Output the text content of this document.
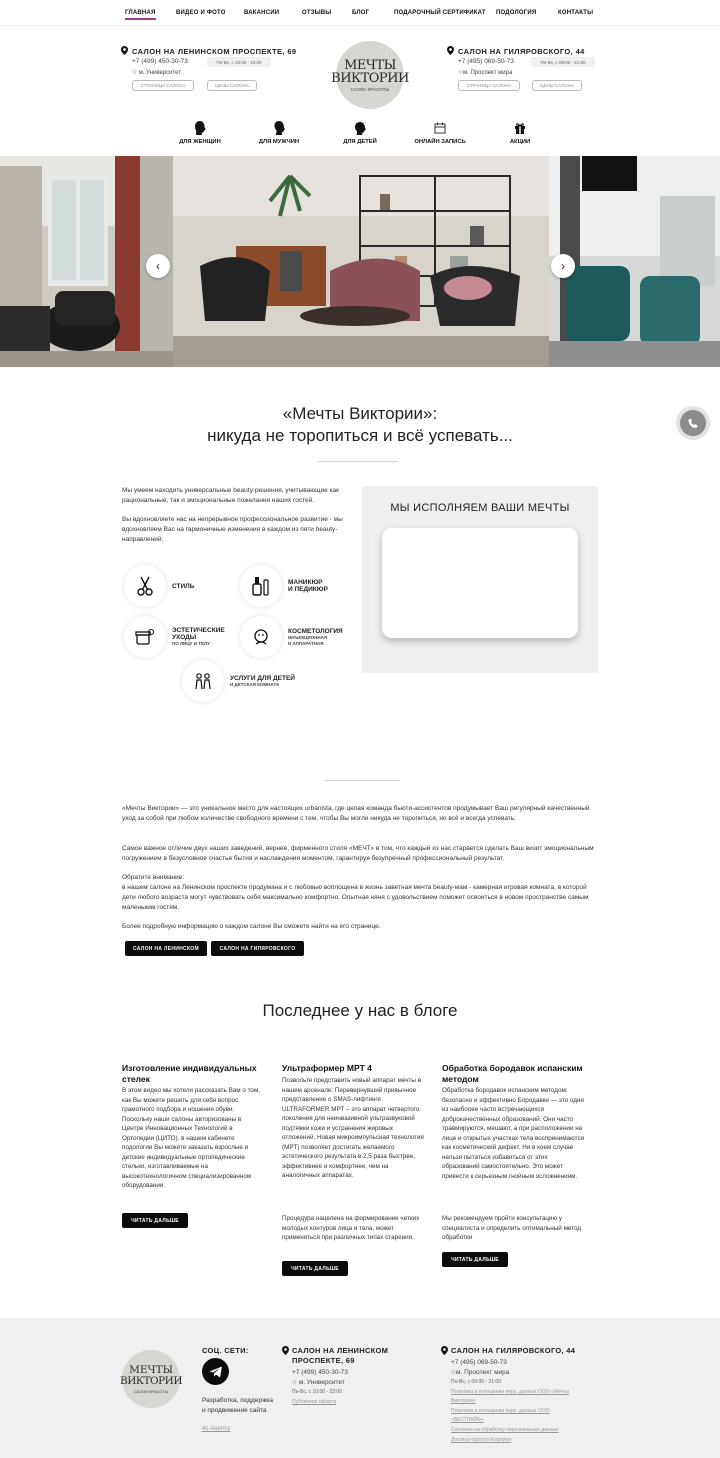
ГЛАВНАЯ	ВИДЕО И ФОТО	ВАКАНСИИ	ОТЗЫВЫ	БЛОГ	ПОДАРОЧНЫЙ СЕРТИФИКАТ ПОДОЛОГИЯ	КОНТАКТЫ
САЛОН НА ЛЕНИНСКОМ ПРОСПЕКТЕ, 69
+7 (499) 450-30-73	Пн-Вс, с 10:00 - 22:00
Ⓜ м. Университет
СТРАНИЦА САЛОНА	ЦЕНЫ САЛОНА
МЕЧТЫ
ВИКТОРИИ
САЛОН КРАСОТЫ
САЛОН НА ГИЛЯРОВСКОГО, 44
+7 (495) 069-50-73	Пн-Вс, с 09:00 - 21:00
Ⓜм. Проспект мира
СТРАНИЦА САЛОНА	ЦЕНЫ САЛОНА
ДЛЯ ЖЕНЩИН	ДЛЯ МУЖЧИН	ДЛЯ ДЕТЕЙ	ОНЛАЙН ЗАПИСЬ	АКЦИИ
‹	›
«Мечты Виктории»:
никуда не торопиться и всё успевать...
Мы умеем находить универсальные beauty-решения, учитывающие как рациональные, так и эмоциональные пожелания наших гостей.
Вы вдохновляете нас на непрерывное профессиональное развитие - мы вдохновляем Вас на гармоничные изменения в каждом из пяти beauty-направлений:
СТИЛЬ	МАНИКЮР
И ПЕДИКЮР
ЭСТЕТИЧЕСКИЕ
УХОДЫ
ПО ЛИЦУ И ТЕЛУ
КОСМЕТОЛОГИЯ
ИНЪЕКЦИОННАЯ
И АППАРАТНАЯ
УСЛУГИ ДЛЯ ДЕТЕЙ
И ДЕТСКАЯ КОМНАТА
МЫ ИСПОЛНЯЕМ ВАШИ МЕЧТЫ
«Мечты Виктории» — это уникальное место для настоящих urbanista, где целая команда бьюти-ассистентов продумывает Ваш регулярный качественный уход за собой при любом количестве свободного времени с тем, чтобы Вы могли никуда не торопиться, но всё и всегда успевать.
Самое важное отличие двух наших заведений, вернее, фирменного стиля «МЕЧТ» в том, что каждый из нас старается сделать Ваш визит эмоциональным погружением в безусловное счастье бытия и наслаждения моментом, гарантируя безупречный профессиональный результат.
Обратите внимание:
в нашем салоне на Ленинском проспекте продумана и с любовью воплощена в жизнь заветная мечта beauty-мам - камерная игровая комната, в которой дети любого возраста могут чувствовать себя максимально комфортно. Опытная няня с удовольствием поможет освоиться в новом пространстве самым маленьким гостям.
Более подробную информацию о каждом салоне Вы сможете найти на его странице.
САЛОН НА ЛЕНИНСКОМ	САЛОН НА ГИЛЯРОВСКОГО
Последнее у нас в блоге
Изготовление индивидуальных стелек
В этом видео мы хотели рассказать Вам о том, как Вы можете решить для себя вопрос грамотного подбора и ношения обуви. Поскольку наши салоны авторизованы в Центре Инновационных Технологий в Ортопедии (ЦИТО), в нашем кабинете подологии Вы можете заказать взрослые и детские индивидуальные ортопедические стельки, изготавливаемые на высокотехнологичном специализированном оборудовании.
ЧИТАТЬ ДАЛЬШЕ
Ультраформер MPT 4
Позвольте представить новый аппарат мечты в нашем арсенале: Перевернувший привычное представление о SMAS-лифтинге ULTRAFORMER MPT – это аппарат четвертого поколения для неинвазивной ультразвуковой подтяжки кожи и устранения жировых отложений. Новая микроимпульсная технология (MPT) позволяет достигать желаемого эстетического результата в 2,5 раза быстрее, эффективнее и комфортнее, чем на аналогичных аппаратах.
Процедура нацелена на формирование четких молодых контуров лица и тела, может применяться при различных типах старения.
ЧИТАТЬ ДАЛЬШЕ
Обработка бородавок испанским методом
Обработка бородавок испанским методом: безопасно и эффективно Бородавки — это одни из наиболее часто встречающихся доброкачественных образований. Они часто травмируются, мешают, а при расположении на лице и открытых участках тела воспринимаются как косметический дефект. Ни в коем случае нельзя пытаться избавиться от этих образований самостоятельно. Это может привести к серьезным гнойным осложнениям.
Мы рекомендуем пройти консультацию у специалиста и определить оптимальный метод обработки
ЧИТАТЬ ДАЛЬШЕ
МЕЧТЫ
ВИКТОРИИ
САЛОН КРАСОТЫ
СОЦ. СЕТИ:
Разработка, поддержка и продвижение сайта
4c-Agency
САЛОН НА ЛЕНИНСКОМ ПРОСПЕКТЕ, 69
+7 (499) 450-30-73
Ⓜ м. Университет
Пн-Вс, с 10:00 - 22:00
Публичная оферта
САЛОН НА ГИЛЯРОВСКОГО, 44
+7 (495) 069-50-73
Ⓜм. Проспект мира
Пн-Вс, с 09:00 - 21:00
Политика в отношении перс. данных ООО «Мечты
Виктории»
Политика в отношении перс. данных ООО
«ВЕСТЛАЙФ»
Согласие на обработку персональных данных
Договор-оферта Кофейня
